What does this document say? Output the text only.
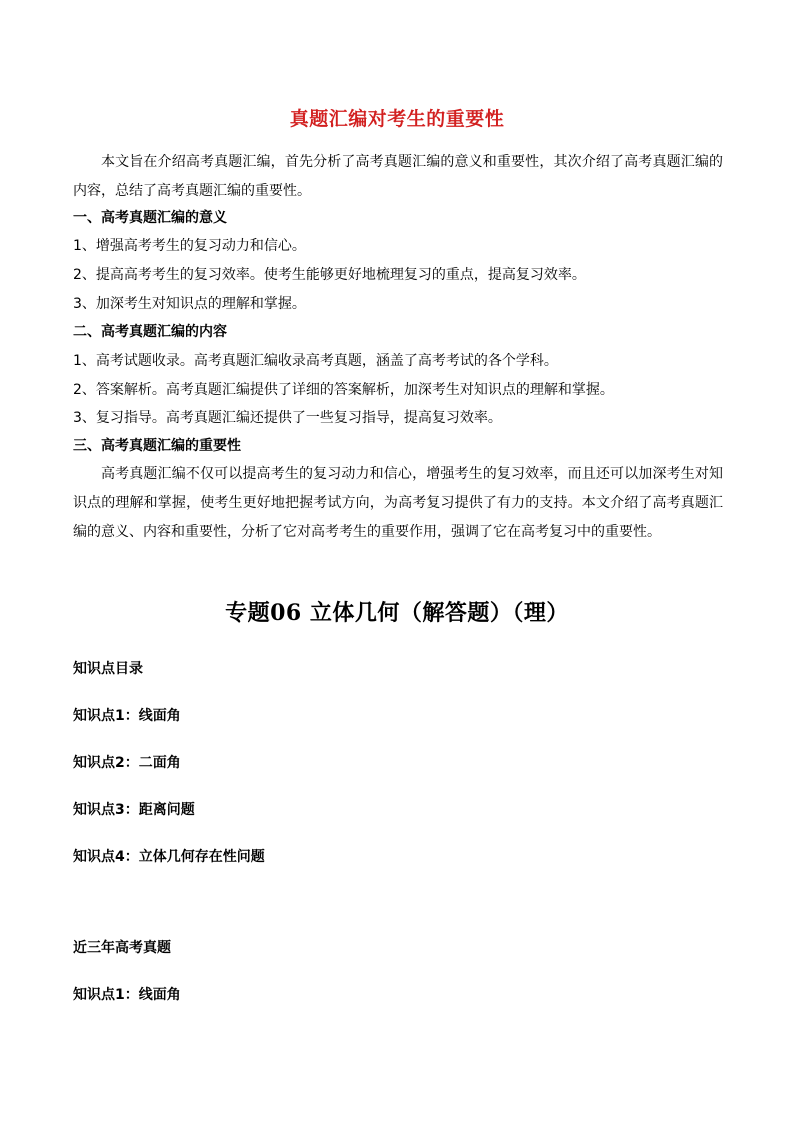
真题汇编对考生的重要性
本文旨在介绍高考真题汇编，首先分析了高考真题汇编的意义和重要性，其次介绍了高考真题汇编的内容，总结了高考真题汇编的重要性。
一、高考真题汇编的意义
1、增强高考考生的复习动力和信心。
2、提高高考考生的复习效率。使考生能够更好地梳理复习的重点，提高复习效率。
3、加深考生对知识点的理解和掌握。
二、高考真题汇编的内容
1、高考试题收录。高考真题汇编收录高考真题，涵盖了高考考试的各个学科。
2、答案解析。高考真题汇编提供了详细的答案解析，加深考生对知识点的理解和掌握。
3、复习指导。高考真题汇编还提供了一些复习指导，提高复习效率。
三、高考真题汇编的重要性
高考真题汇编不仅可以提高考生的复习动力和信心，增强考生的复习效率，而且还可以加深考生对知识点的理解和掌握，使考生更好地把握考试方向，为高考复习提供了有力的支持。本文介绍了高考真题汇编的意义、内容和重要性，分析了它对高考考生的重要作用，强调了它在高考复习中的重要性。
专题06 立体几何（解答题）（理）
知识点目录
知识点1：线面角
知识点2：二面角
知识点3：距离问题
知识点4：立体几何存在性问题
近三年高考真题
知识点1：线面角
